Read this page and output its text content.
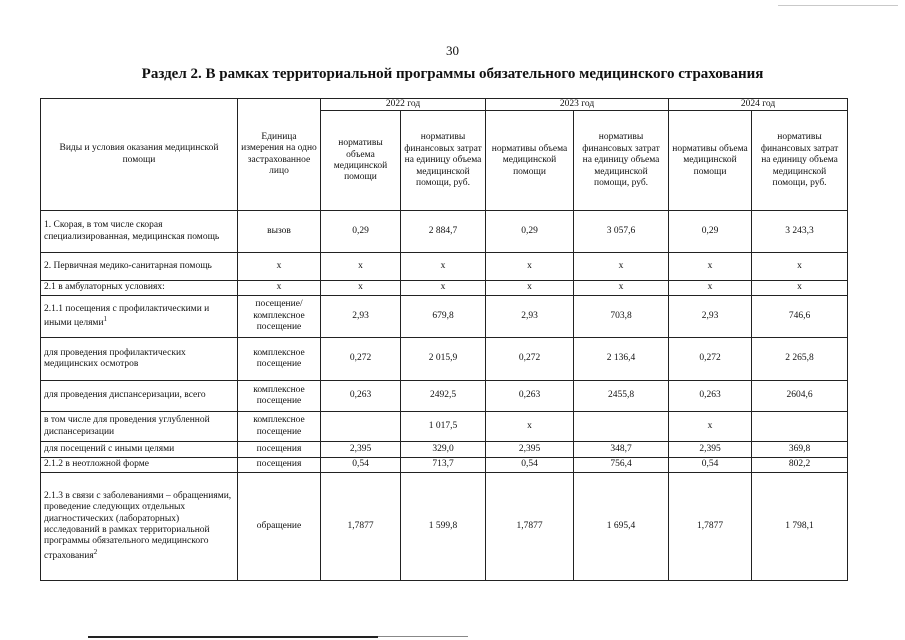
30
Раздел 2. В рамках территориальной программы обязательного медицинского страхования
Виды и условия оказания медицинской помощи	Единица измерения на одно застрахованное лицо	2022 год		2023 год		2024 год	
		нормативы объема медицинской помощи	нормативы финансовых затрат на единицу объема медицинской помощи, руб.	нормативы объема медицинской помощи	нормативы финансовых затрат на единицу объема медицинской помощи, руб.	нормативы объема медицинской помощи	нормативы финансовых затрат на единицу объема медицинской помощи, руб.
1. Скорая, в том числе скорая специализированная, медицинская помощь	вызов	0,29	2 884,7	0,29	3 057,6	0,29	3 243,3
2. Первичная медико-санитарная помощь	х	х	х	х	х	х	х
2.1 в амбулаторных условиях:	х	х	х	х	х	х	х
2.1.1 посещения с профилактическими и иными целями$^1$	посещение/ комплексное посещение	2,93	679,8	2,93	703,8	2,93	746,6
для проведения профилактических медицинских осмотров	комплексное посещение	0,272	2 015,9	0,272	2 136,4	0,272	2 265,8
для проведения диспансеризации, всего	комплексное посещение	0,263	2492,5	0,263	2455,8	0,263	2604,6
в том числе для проведения углубленной диспансеризации	комплексное посещение		1 017,5	х		х	
для посещений с иными целями	посещения	2,395	329,0	2,395	348,7	2,395	369,8
2.1.2 в неотложной форме	посещения	0,54	713,7	0,54	756,4	0,54	802,2
2.1.3 в связи с заболеваниями – обращениями, проведение следующих отдельных диагностических (лабораторных) исследований в рамках территориальной программы обязательного медицинского страхования$^2$	обращение	1,7877	1 599,8	1,7877	1 695,4	1,7877	1 798,1
